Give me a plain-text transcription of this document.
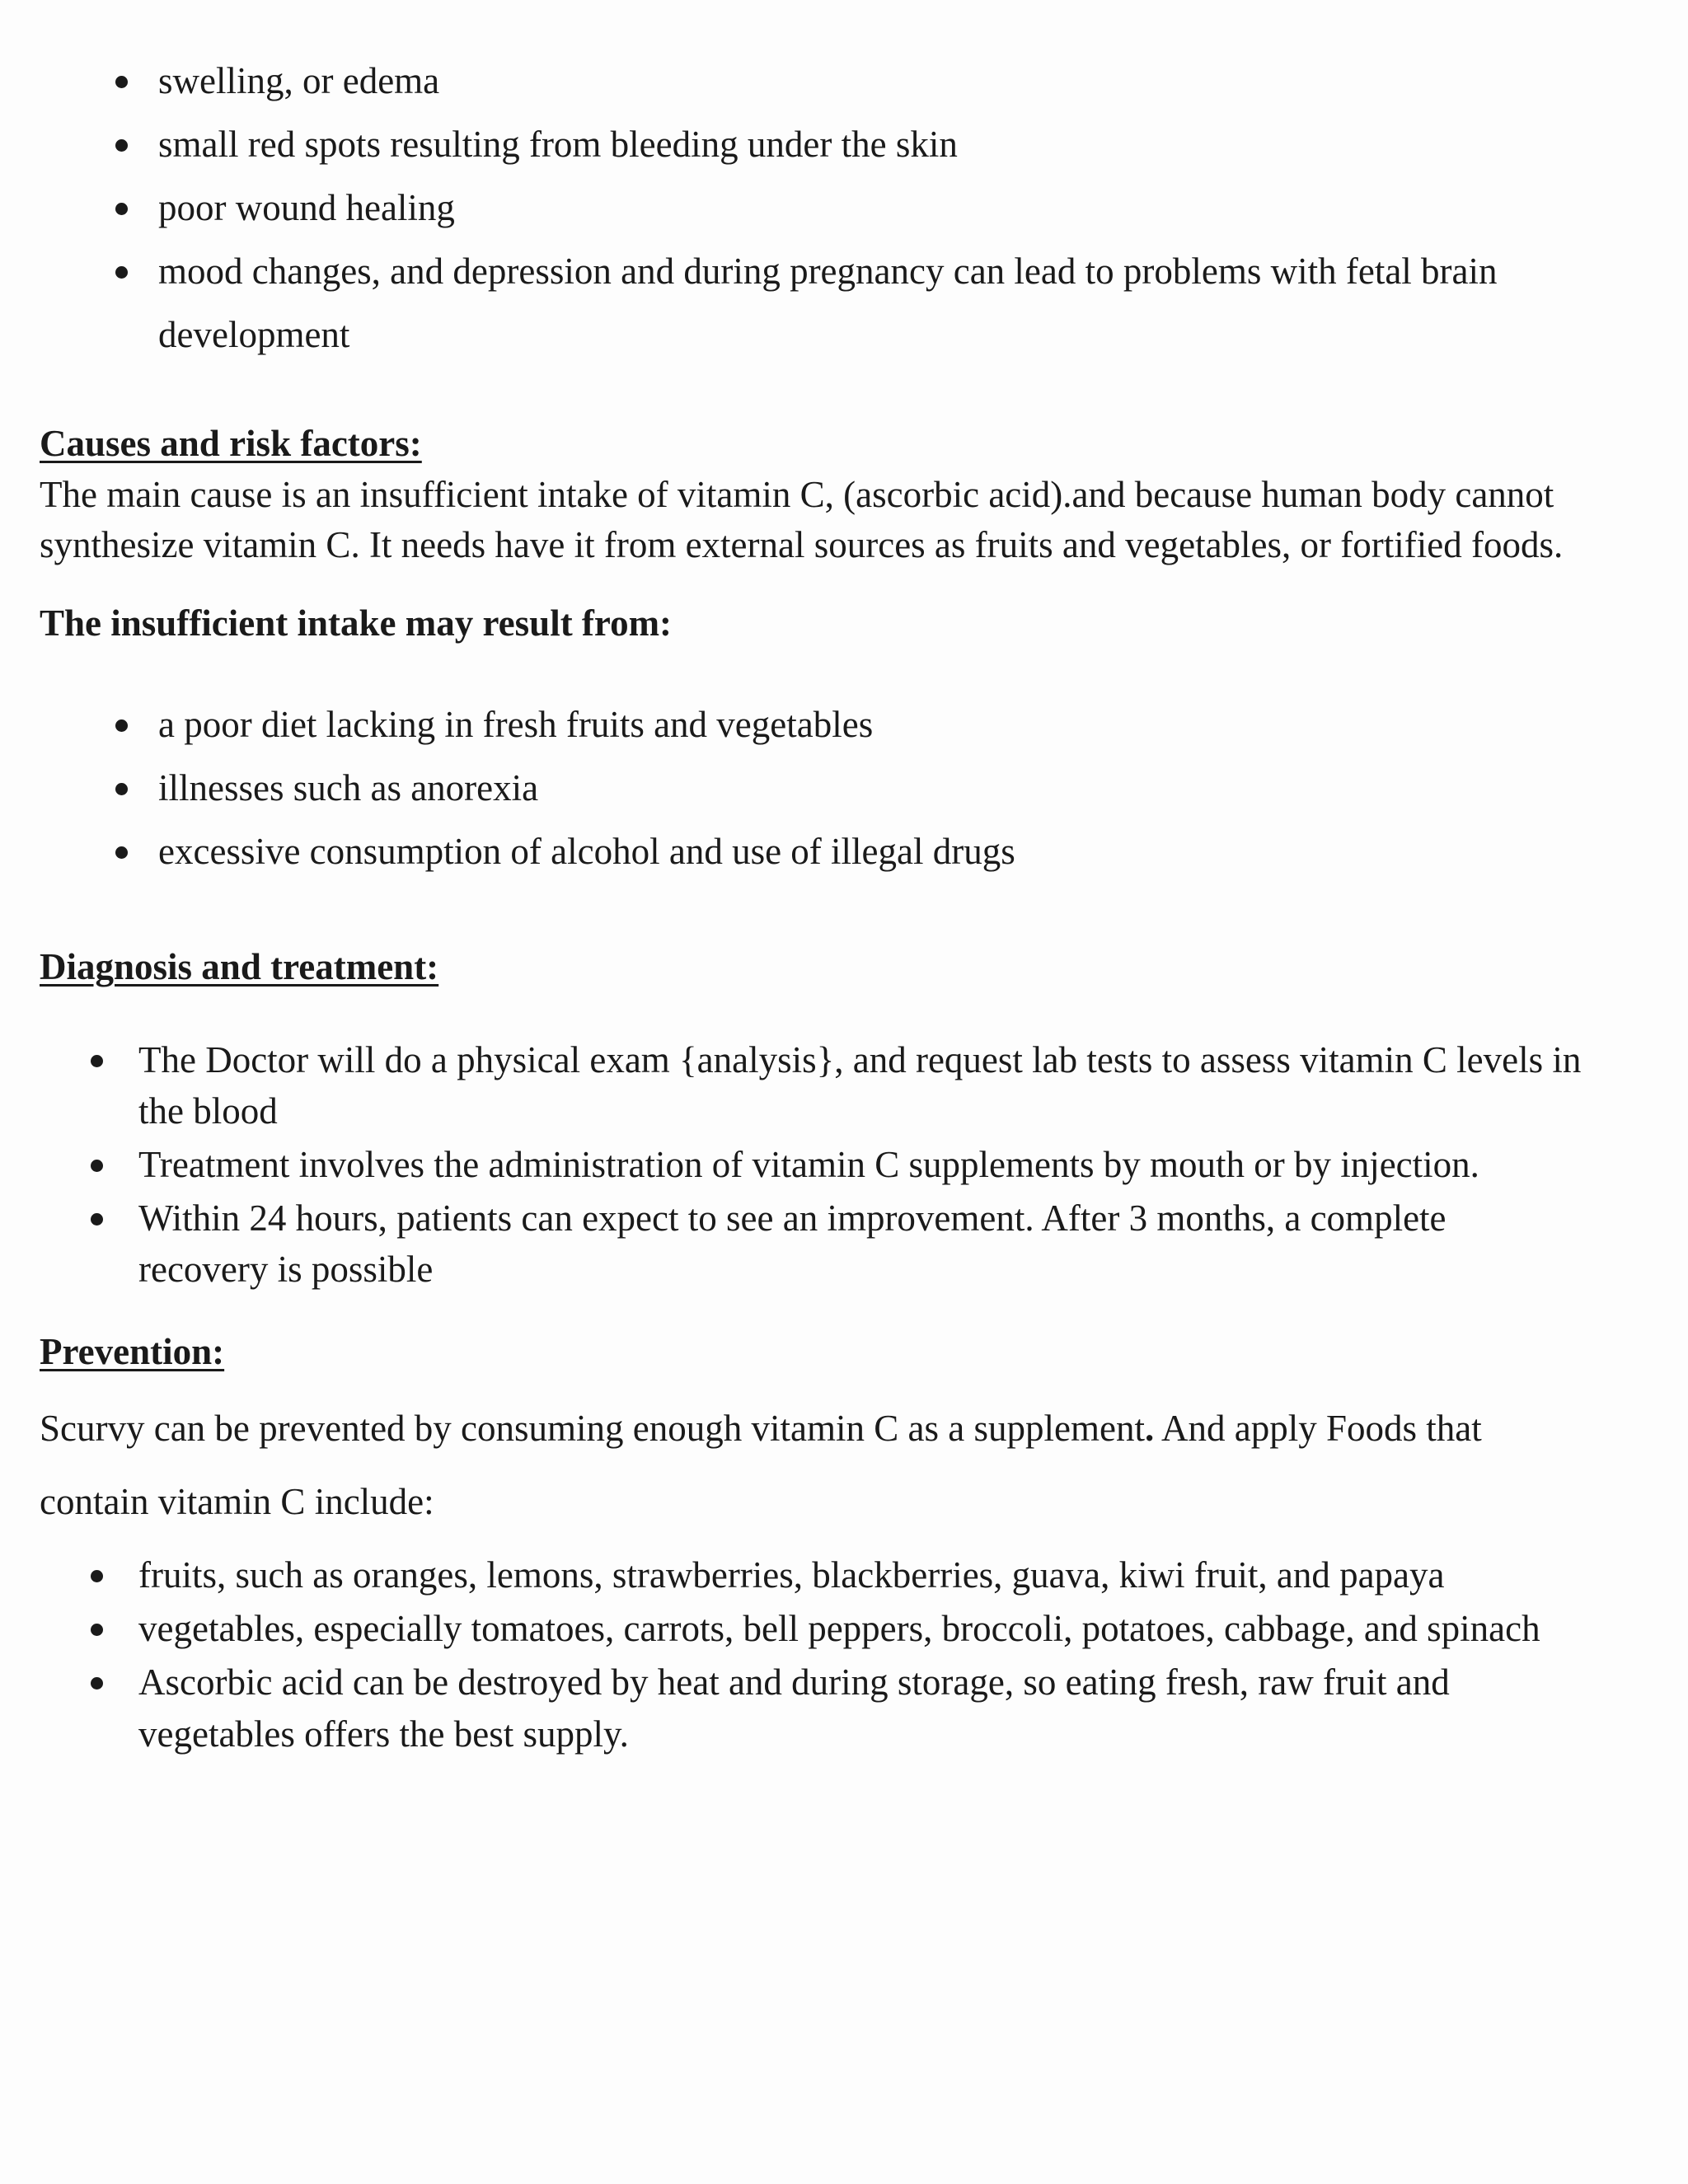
swelling, or edema
small red spots resulting from bleeding under the skin
poor wound healing
mood changes, and depression and during pregnancy can lead to problems with fetal brain
development
Causes and risk factors:
The main cause is an insufficient intake of vitamin C, (ascorbic acid).and because human body cannot
synthesize vitamin C. It needs have it from external sources as fruits and vegetables, or fortified foods.
The insufficient intake may result from:
a poor diet lacking in fresh fruits and vegetables
illnesses such as anorexia
excessive consumption of alcohol and use of illegal drugs
Diagnosis and treatment:
The Doctor will do a physical exam {analysis}, and request lab tests to assess vitamin C levels in
the blood
Treatment involves the administration of vitamin C supplements by mouth or by injection.
Within 24 hours, patients can expect to see an improvement. After 3 months, a complete
recovery is possible
Prevention:
Scurvy can be prevented by consuming enough vitamin C as a supplement. And apply Foods that
contain vitamin C include:
fruits, such as oranges, lemons, strawberries, blackberries, guava, kiwi fruit, and papaya
vegetables, especially tomatoes, carrots, bell peppers, broccoli, potatoes, cabbage, and spinach
Ascorbic acid can be destroyed by heat and during storage, so eating fresh, raw fruit and
vegetables offers the best supply.
